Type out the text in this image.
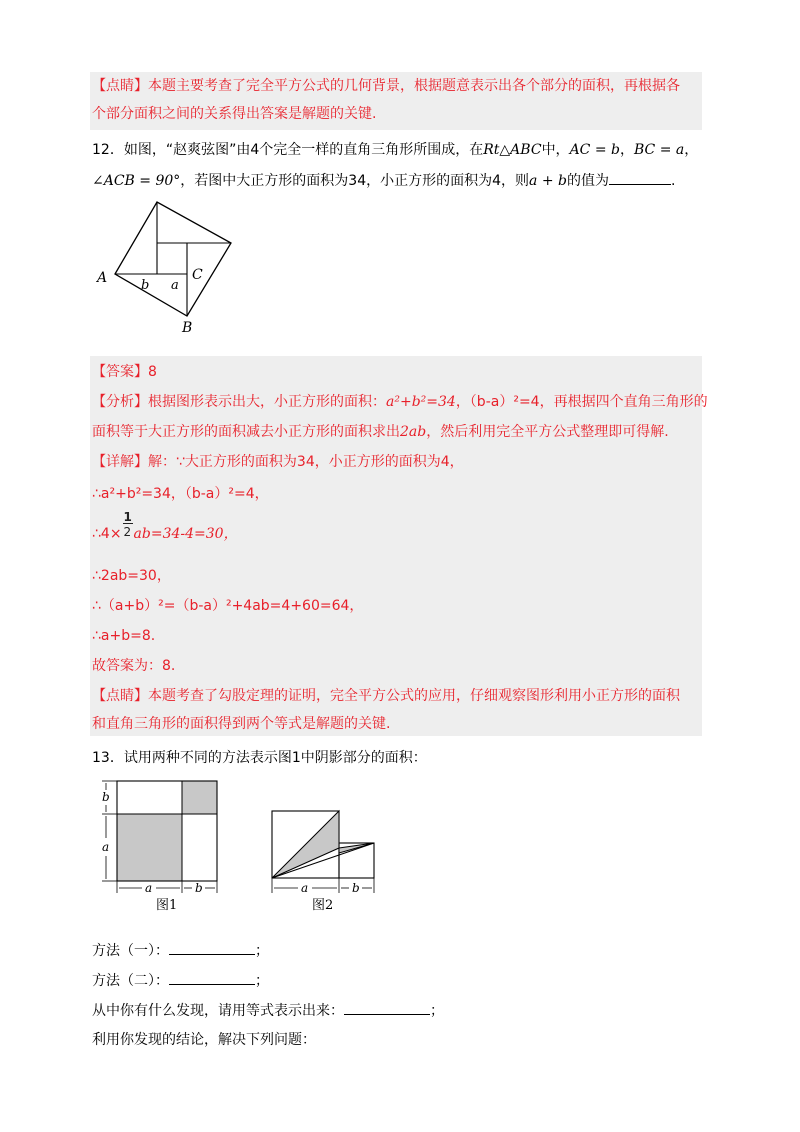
【点睛】本题主要考查了完全平方公式的几何背景，根据题意表示出各个部分的面积，再根据各
个部分面积之间的关系得出答案是解题的关键.
12．如图，“赵爽弦图”由4个完全一样的直角三角形所围成，在Rt△ABC中，AC = b，BC = a，
∠ACB = 90°，若图中大正方形的面积为34，小正方形的面积为4，则a + b的值为	.
A	b a
C
B
【答案】8
【分析】根据图形表示出大，小正方形的面积：a²+b²=34，（b-a）²=4，再根据四个直角三角形的
面积等于大正方形的面积减去小正方形的面积求出2ab，然后利用完全平方公式整理即可得解.
【详解】解：∵大正方形的面积为34，小正方形的面积为4，
∴a²+b²=34，（b-a）²=4，
∴4× $\frac{1}{2} ab=34-4=30$，
∴2ab=30，
∴（a+b）²=（b-a）²+4ab=4+60=64，
∴a+b=8.
故答案为：8.
【点睛】本题考查了勾股定理的证明，完全平方公式的应用，仔细观察图形利用小正方形的面积
和直角三角形的面积得到两个等式是解题的关键.
13．试用两种不同的方法表示图1中阴影部分的面积：
b
a
a	b
图1
a	b
图2
方法（一）：	；
方法（二）：	；
从中你有什么发现，请用等式表示出来：	；
利用你发现的结论，解决下列问题：
